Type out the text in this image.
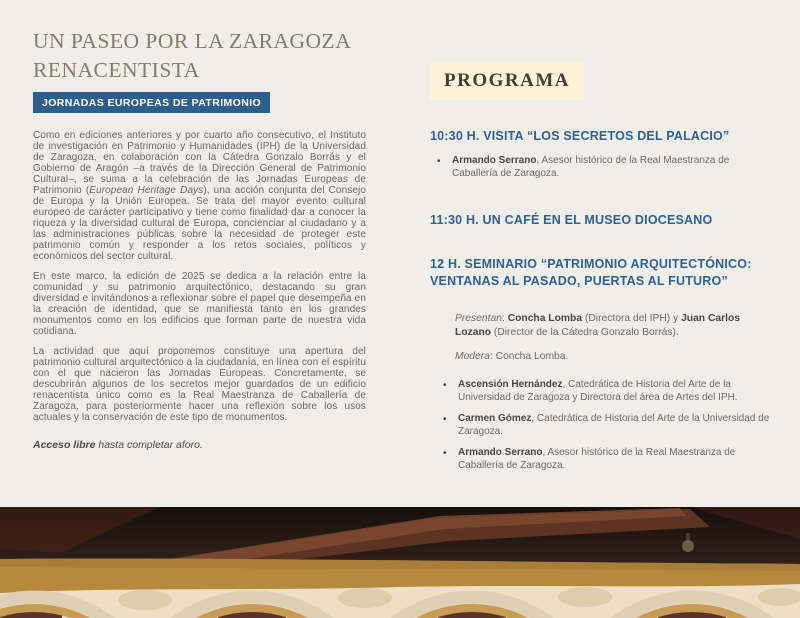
UN PASEO POR LA ZARAGOZA RENACENTISTA
JORNADAS EUROPEAS DE PATRIMONIO

Como en ediciones anteriores y por cuarto año consecutivo, el Instituto de investigación en Patrimonio y Humanidades (IPH) de la Universidad de Zaragoza, en colaboración con la Cátedra Gonzalo Borrás y el Gobierno de Aragón –a través de la Dirección General de Patrimonio Cultural–, se suma a la celebración de las Jornadas Europeas de Patrimonio (European Heritage Days), una acción conjunta del Consejo de Europa y la Unión Europea. Se trata del mayor evento cultural europeo de carácter participativo y tiene como finalidad dar a conocer la riqueza y la diversidad cultural de Europa, concienciar al ciudadano y a las administraciones públicas sobre la necesidad de proteger este patrimonio común y responder a los retos sociales, políticos y económicos del sector cultural.

En este marco, la edición de 2025 se dedica a la relación entre la comunidad y su patrimonio arquitectónico, destacando su gran diversidad e invitándonos a reflexionar sobre el papel que desempeña en la creación de identidad, que se manifiesta tanto en los grandes monumentos como en los edificios que forman parte de nuestra vida cotidiana.

La actividad que aquí proponemos constituye una apertura del patrimonio cultural arquitectónico a la ciudadanía, en línea con el espíritu con el que nacieron las Jornadas Europeas. Concretamente, se descubrirán algunos de los secretos mejor guardados de un edificio renacentista único como es la Real Maestranza de Caballería de Zaragoza, para posteriormente hacer una reflexión sobre los usos actuales y la conservación de este tipo de monumentos.

Acceso libre hasta completar aforo.

PROGRAMA
10:30 H. VISITA “LOS SECRETOS DEL PALACIO”
• Armando Serrano, Asesor histórico de la Real Maestranza de Caballería de Zaragoza.
11:30 H. UN CAFÉ EN EL MUSEO DIOCESANO
12 H. SEMINARIO “PATRIMONIO ARQUITECTÓNICO: VENTANAS AL PASADO, PUERTAS AL FUTURO”

Presentan: Concha Lomba (Directora del IPH) y Juan Carlos Lozano (Director de la Cátedra Gonzalo Borrás).

Modera: Concha Lomba.

• Ascensión Hernández, Catedrática de Historia del Arte de la Universidad de Zaragoza y Directora del área de Artes del IPH.
• Carmen Gómez, Catedrática de Historia del Arte de la Universidad de Zaragoza.
• Armando Serrano, Asesor histórico de la Real Maestranza de Caballería de Zaragoza.
